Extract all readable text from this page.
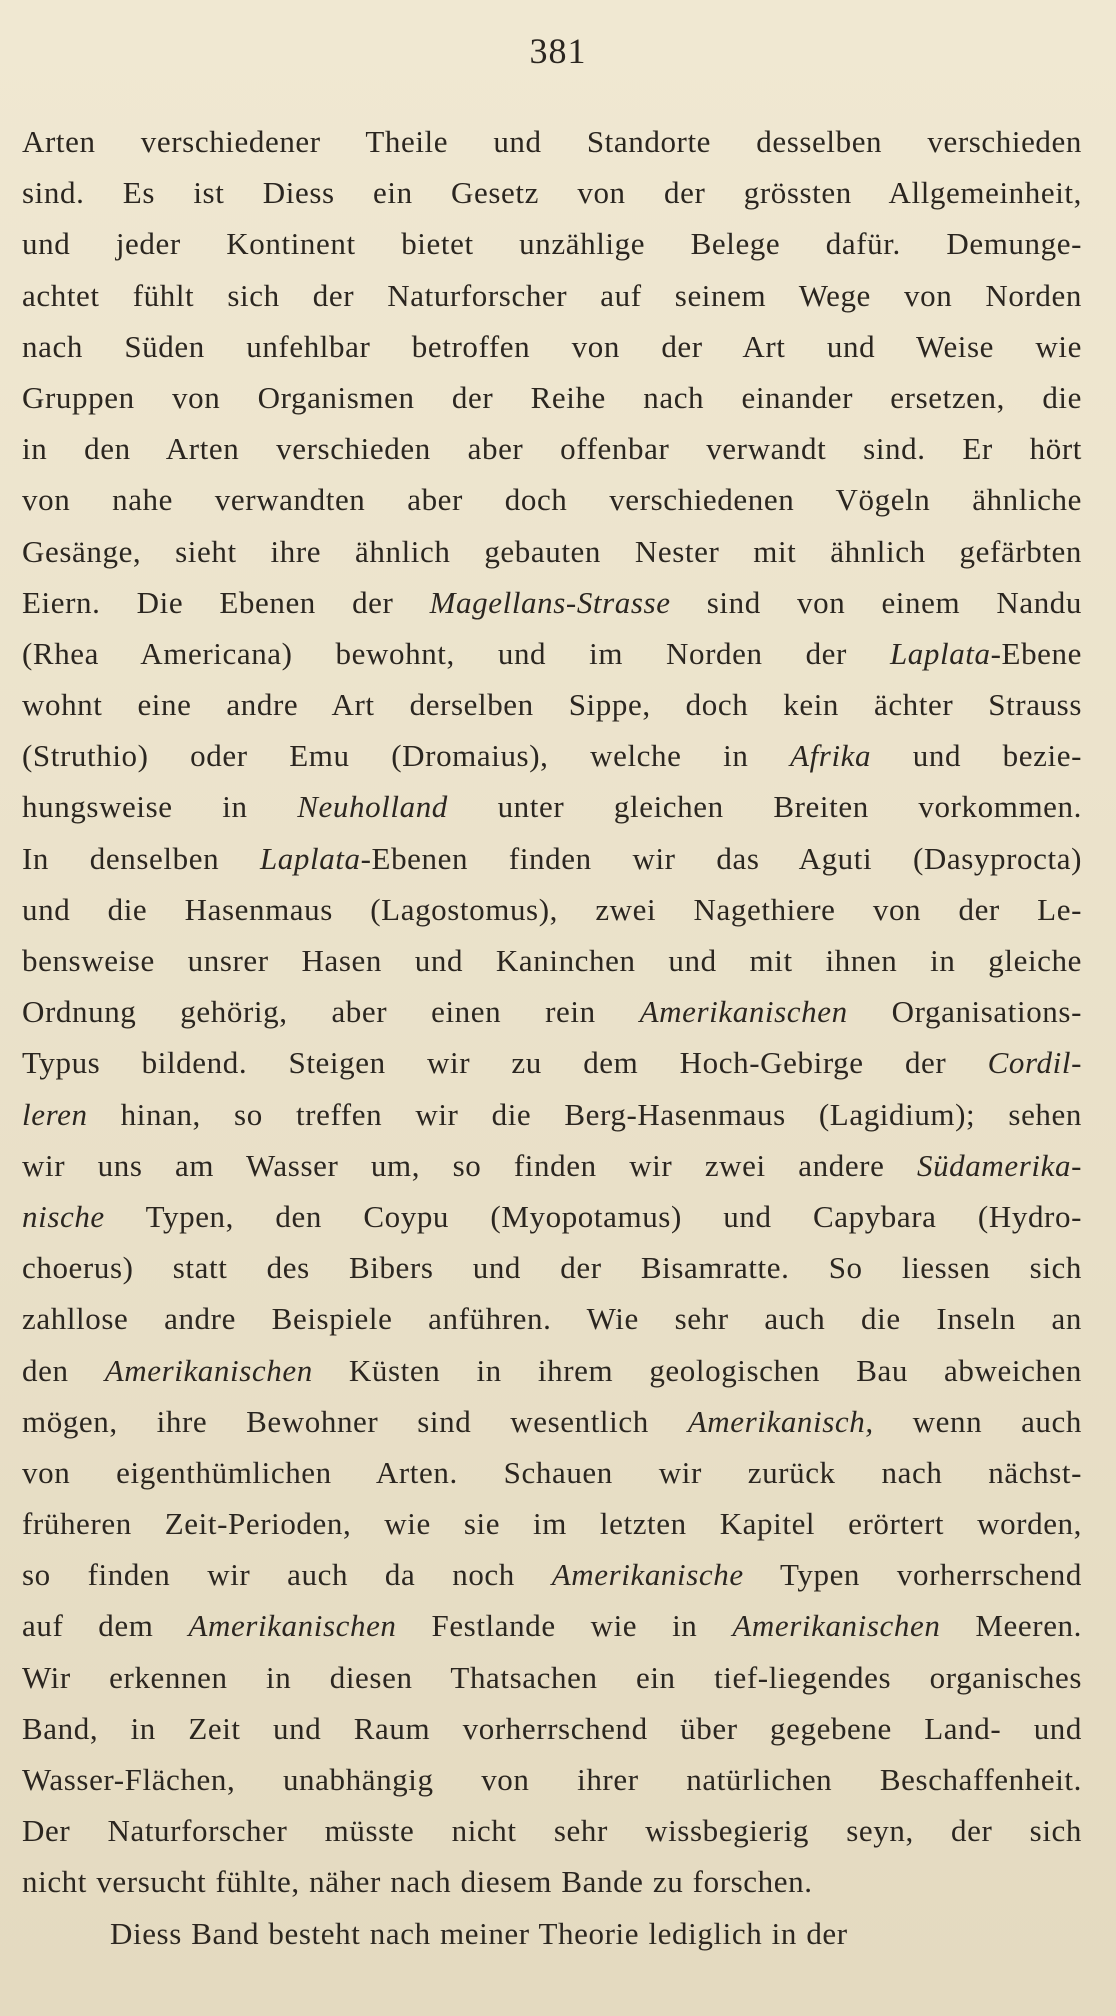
381
Arten verschiedener Theile und Standorte desselben verschieden
sind. Es ist Diess ein Gesetz von der grössten Allgemeinheit,
und jeder Kontinent bietet unzählige Belege dafür. Demunge-
achtet fühlt sich der Naturforscher auf seinem Wege von Norden
nach Süden unfehlbar betroffen von der Art und Weise wie
Gruppen von Organismen der Reihe nach einander ersetzen, die
in den Arten verschieden aber offenbar verwandt sind. Er hört
von nahe verwandten aber doch verschiedenen Vögeln ähnliche
Gesänge, sieht ihre ähnlich gebauten Nester mit ähnlich gefärbten
Eiern. Die Ebenen der Magellans-Strasse sind von einem Nandu
(Rhea Americana) bewohnt, und im Norden der Laplata-Ebene
wohnt eine andre Art derselben Sippe, doch kein ächter Strauss
(Struthio) oder Emu (Dromaius), welche in Afrika und bezie-
hungsweise in Neuholland unter gleichen Breiten vorkommen.
In denselben Laplata-Ebenen finden wir das Aguti (Dasyprocta)
und die Hasenmaus (Lagostomus), zwei Nagethiere von der Le-
bensweise unsrer Hasen und Kaninchen und mit ihnen in gleiche
Ordnung gehörig, aber einen rein Amerikanischen Organisations-
Typus bildend. Steigen wir zu dem Hoch-Gebirge der Cordil-
leren hinan, so treffen wir die Berg-Hasenmaus (Lagidium); sehen
wir uns am Wasser um, so finden wir zwei andere Südamerika-
nische Typen, den Coypu (Myopotamus) und Capybara (Hydro-
choerus) statt des Bibers und der Bisamratte. So liessen sich
zahllose andre Beispiele anführen. Wie sehr auch die Inseln an
den Amerikanischen Küsten in ihrem geologischen Bau abweichen
mögen, ihre Bewohner sind wesentlich Amerikanisch, wenn auch
von eigenthümlichen Arten. Schauen wir zurück nach nächst-
früheren Zeit-Perioden, wie sie im letzten Kapitel erörtert worden,
so finden wir auch da noch Amerikanische Typen vorherrschend
auf dem Amerikanischen Festlande wie in Amerikanischen Meeren.
Wir erkennen in diesen Thatsachen ein tief-liegendes organisches
Band, in Zeit und Raum vorherrschend über gegebene Land- und
Wasser-Flächen, unabhängig von ihrer natürlichen Beschaffenheit.
Der Naturforscher müsste nicht sehr wissbegierig seyn, der sich
nicht versucht fühlte, näher nach diesem Bande zu forschen.
Diess Band besteht nach meiner Theorie lediglich in der
